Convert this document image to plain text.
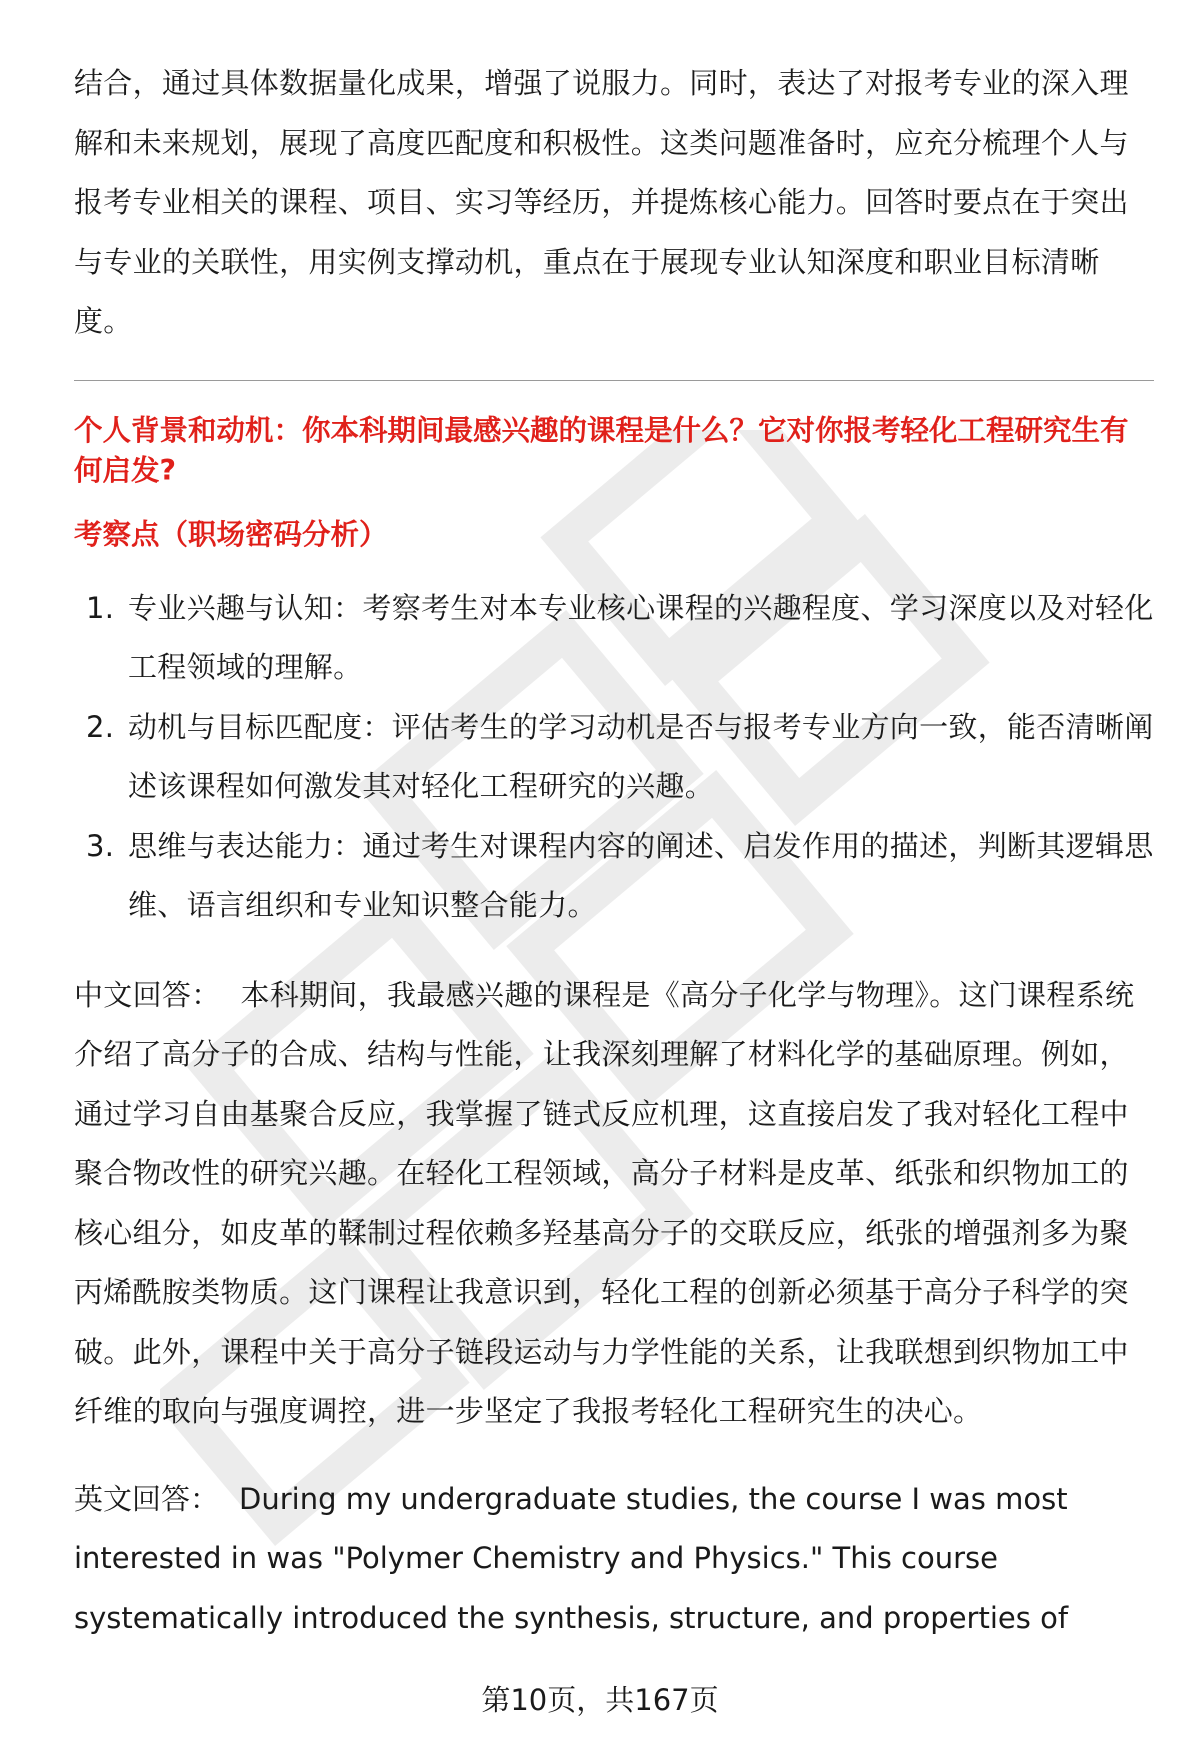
结合，通过具体数据量化成果，增强了说服力。同时，表达了对报考专业的深入理解和未来规划，展现了高度匹配度和积极性。这类问题准备时，应充分梳理个人与报考专业相关的课程、项目、实习等经历，并提炼核心能力。回答时要点在于突出与专业的关联性，用实例支撑动机，重点在于展现专业认知深度和职业目标清晰度。

个人背景和动机：你本科期间最感兴趣的课程是什么？它对你报考轻化工程研究生有何启发?

考察点（职场密码分析）

1. 专业兴趣与认知：考察考生对本专业核心课程的兴趣程度、学习深度以及对轻化工程领域的理解。
2. 动机与目标匹配度：评估考生的学习动机是否与报考专业方向一致，能否清晰阐述该课程如何激发其对轻化工程研究的兴趣。
3. 思维与表达能力：通过考生对课程内容的阐述、启发作用的描述，判断其逻辑思维、语言组织和专业知识整合能力。

中文回答： 本科期间，我最感兴趣的课程是《高分子化学与物理》。这门课程系统介绍了高分子的合成、结构与性能，让我深刻理解了材料化学的基础原理。例如，通过学习自由基聚合反应，我掌握了链式反应机理，这直接启发了我对轻化工程中聚合物改性的研究兴趣。在轻化工程领域，高分子材料是皮革、纸张和织物加工的核心组分，如皮革的鞣制过程依赖多羟基高分子的交联反应，纸张的增强剂多为聚丙烯酰胺类物质。这门课程让我意识到，轻化工程的创新必须基于高分子科学的突破。此外，课程中关于高分子链段运动与力学性能的关系，让我联想到织物加工中纤维的取向与强度调控，进一步坚定了我报考轻化工程研究生的决心。

英文回答： During my undergraduate studies, the course I was most interested in was "Polymer Chemistry and Physics." This course systematically introduced the synthesis, structure, and properties of

第10页，共167页
